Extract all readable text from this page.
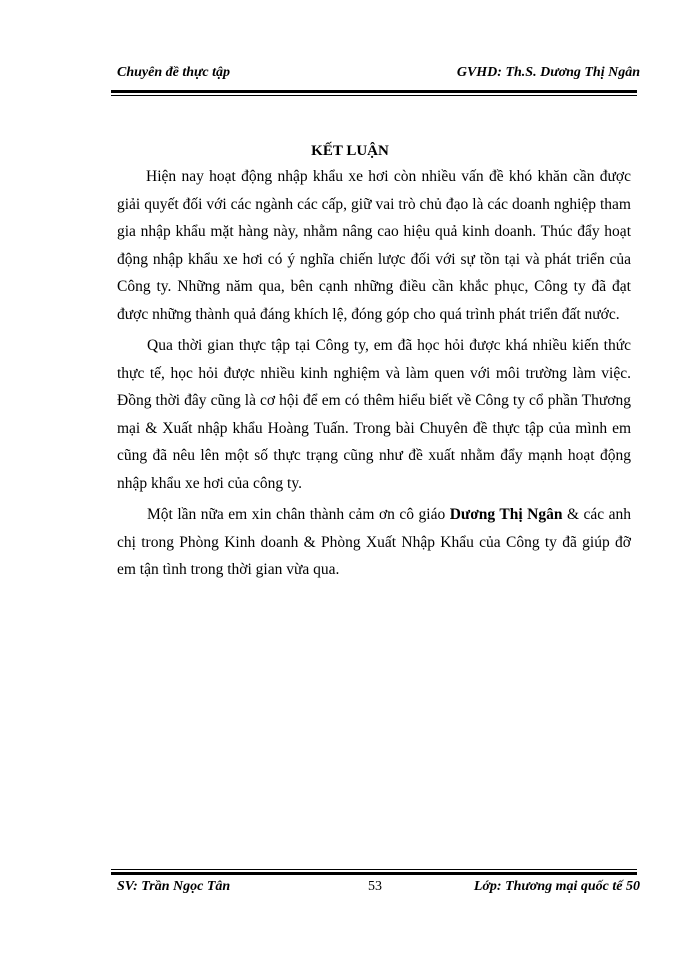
Chuyên đề thực tập	GVHD: Th.S. Dương Thị Ngân
KẾT LUẬN

Hiện nay hoạt động nhập khẩu xe hơi còn nhiều vấn đề khó khăn cần được giải quyết đối với các ngành các cấp, giữ vai trò chủ đạo là các doanh nghiệp tham gia nhập khẩu mặt hàng này, nhằm nâng cao hiệu quả kinh doanh. Thúc đẩy hoạt động nhập khẩu xe hơi có ý nghĩa chiến lược đối với sự tồn tại và phát triển của Công ty. Những năm qua, bên cạnh những điều cần khắc phục, Công ty đã đạt được những thành quả đáng khích lệ, đóng góp cho quá trình phát triển đất nước.

Qua thời gian thực tập tại Công ty, em đã học hỏi được khá nhiều kiến thức thực tế, học hỏi được nhiều kinh nghiệm và làm quen với môi trường làm việc. Đồng thời đây cũng là cơ hội để em có thêm hiểu biết về Công ty cổ phần Thương mại & Xuất nhập khẩu Hoàng Tuấn. Trong bài Chuyên đề thực tập của mình em cũng đã nêu lên một số thực trạng cũng như đề xuất nhằm đẩy mạnh hoạt động nhập khẩu xe hơi của công ty.

Một lần nữa em xin chân thành cảm ơn cô giáo Dương Thị Ngân & các anh chị trong Phòng Kinh doanh & Phòng Xuất Nhập Khẩu của Công ty đã giúp đỡ em tận tình trong thời gian vừa qua.

SV: Trần Ngọc Tân	53	Lớp: Thương mại quốc tế 50
